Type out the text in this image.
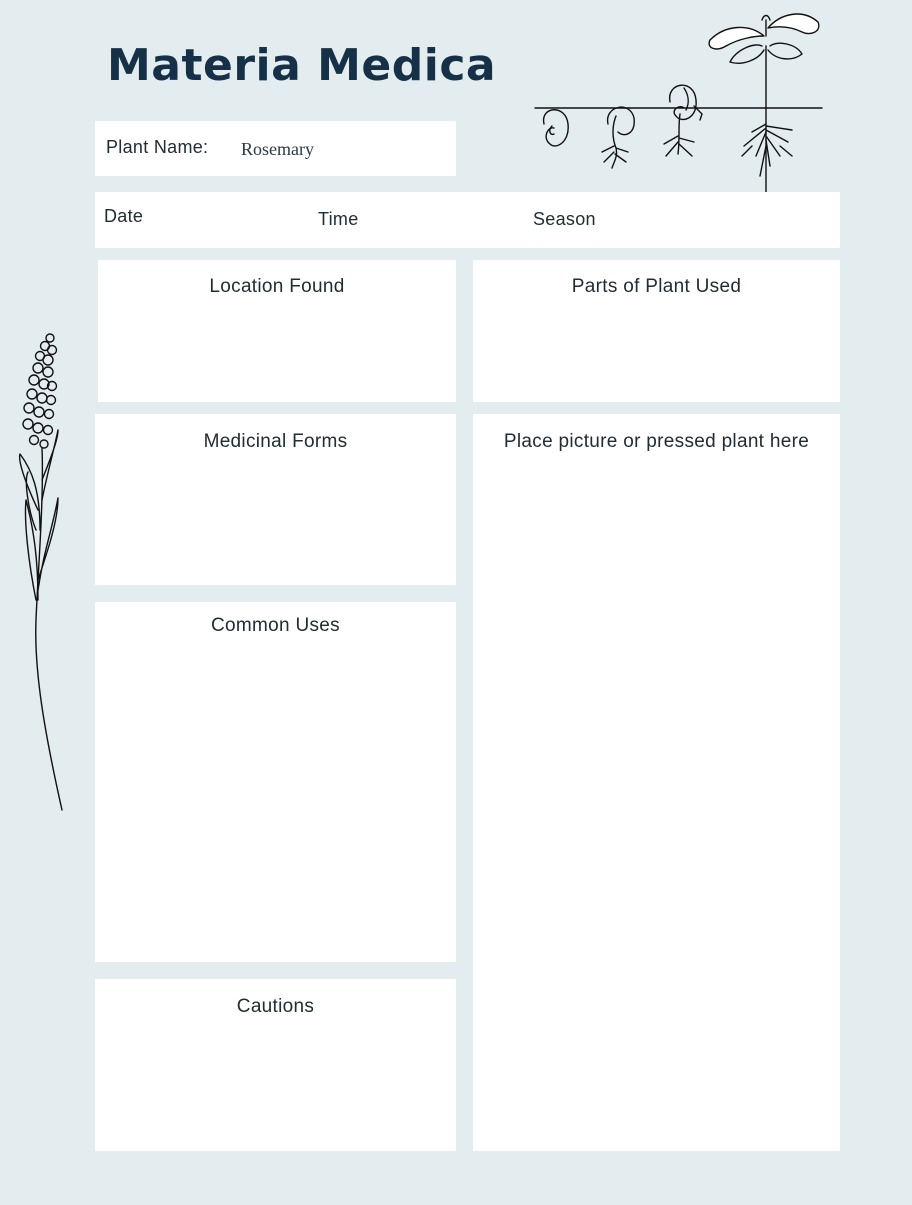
Materia Medica
Plant Name: Rosemary
Date	Time	Season
Location Found	Parts of Plant Used
Medicinal Forms	Place picture or pressed plant here
Common Uses
Cautions
